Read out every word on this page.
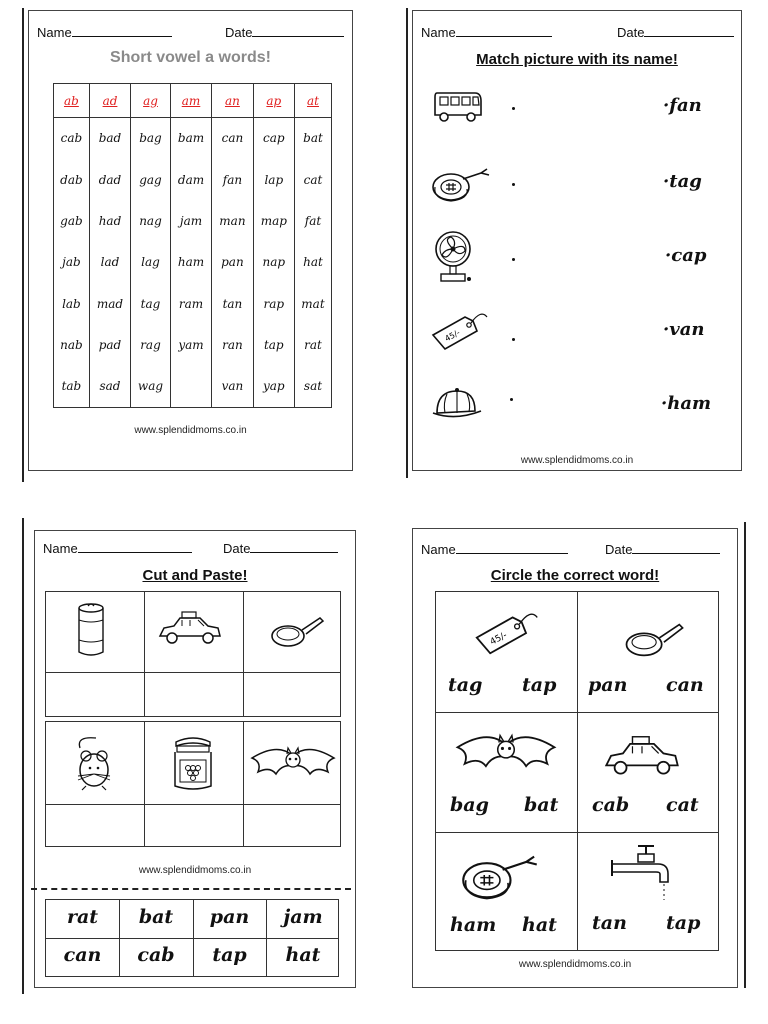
Name	Date
Short vowel a words!
ab	ad	ag	am	an	ap	at
cab	bad	bag	bam	can	cap	bat
dab	dad	gag	dam	fan	lap	cat
gab	had	nag	jam	man	map	fat
jab	lad	lag	ham	pan	nap	hat
lab	mad	tag	ram	tan	rap	mat
nab	pad	rag	yam	ran	tap	rat
tab	sad	wag		van	yap	sat
www.splendidmoms.co.in
Name	Date
Match picture with its name!
45/-
·fan
·tag
·cap
·van
·ham
www.splendidmoms.co.in
Name	Date
Cut and Paste!
www.splendidmoms.co.in
rat	bat	pan	jam
can	cab	tap	hat
Name	Date
Circle the correct word!
45/-
tag tap pan can
bag bat cab cat
ham hat tan tap
www.splendidmoms.co.in
